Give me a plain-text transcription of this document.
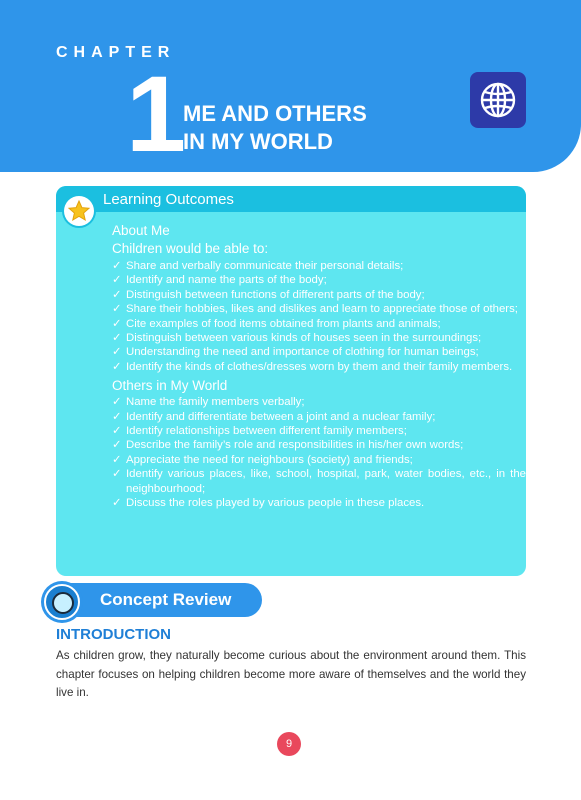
CHAPTER
1 ME AND OTHERS
IN MY WORLD
Learning Outcomes
About Me
Children would be able to:
✓ Share and verbally communicate their personal details;
✓ Identify and name the parts of the body;
✓ Distinguish between functions of different parts of the body;
✓ Share their hobbies, likes and dislikes and learn to appreciate those of others;
✓ Cite examples of food items obtained from plants and animals;
✓ Distinguish between various kinds of houses seen in the surroundings;
✓ Understanding the need and importance of clothing for human beings;
✓ Identify the kinds of clothes/dresses worn by them and their family members.
Others in My World
✓ Name the family members verbally;
✓ Identify and differentiate between a joint and a nuclear family;
✓ Identify relationships between different family members;
✓ Describe the family’s role and responsibilities in his/her own words;
✓ Appreciate the need for neighbours (society) and friends;
✓ Identify various places, like, school, hospital, park, water bodies, etc., in the neighbourhood;
✓ Discuss the roles played by various people in these places.
Concept Review
INTRODUCTION
As children grow, they naturally become curious about the environment around them. This chapter focuses on helping children become more aware of themselves and the world they live in.
9
